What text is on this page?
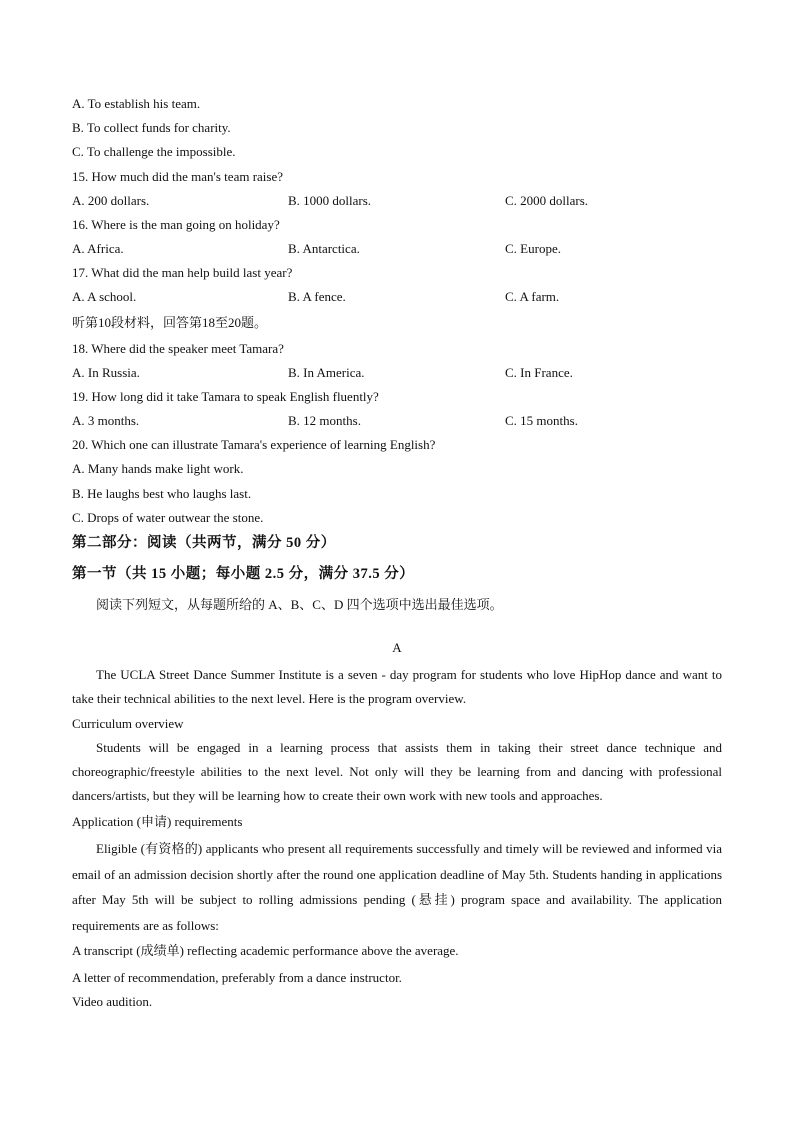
A. To establish his team.
B. To collect funds for charity.
C. To challenge the impossible.
15. How much did the man's team raise?
A. 200 dollars.	B. 1000 dollars.	C. 2000 dollars.
16. Where is the man going on holiday?
A. Africa.	B. Antarctica.	C. Europe.
17. What did the man help build last year?
A. A school.	B. A fence.	C. A farm.
听第10段材料，回答第18至20题。
18. Where did the speaker meet Tamara?
A. In Russia.	B. In America.	C. In France.
19. How long did it take Tamara to speak English fluently?
A. 3 months.	B. 12 months.	C. 15 months.
20. Which one can illustrate Tamara's experience of learning English?
A. Many hands make light work.
B. He laughs best who laughs last.
C. Drops of water outwear the stone.
第二部分：阅读（共两节，满分 50 分）
第一节（共 15 小题；每小题 2.5 分，满分 37.5 分）
阅读下列短文，从每题所给的 A、B、C、D 四个选项中选出最佳选项。
A
The UCLA Street Dance Summer Institute is a seven - day program for students who love HipHop dance and want to take their technical abilities to the next level. Here is the program overview.
Curriculum overview
Students will be engaged in a learning process that assists them in taking their street dance technique and choreographic/freestyle abilities to the next level. Not only will they be learning from and dancing with professional dancers/artists, but they will be learning how to create their own work with new tools and approaches.
Application (申请) requirements
Eligible (有资格的) applicants who present all requirements successfully and timely will be reviewed and informed via email of an admission decision shortly after the round one application deadline of May 5th. Students handing in applications after May 5th will be subject to rolling admissions pending (悬挂) program space and availability. The application requirements are as follows:
A transcript (成绩单) reflecting academic performance above the average.
A letter of recommendation, preferably from a dance instructor.
Video audition.
